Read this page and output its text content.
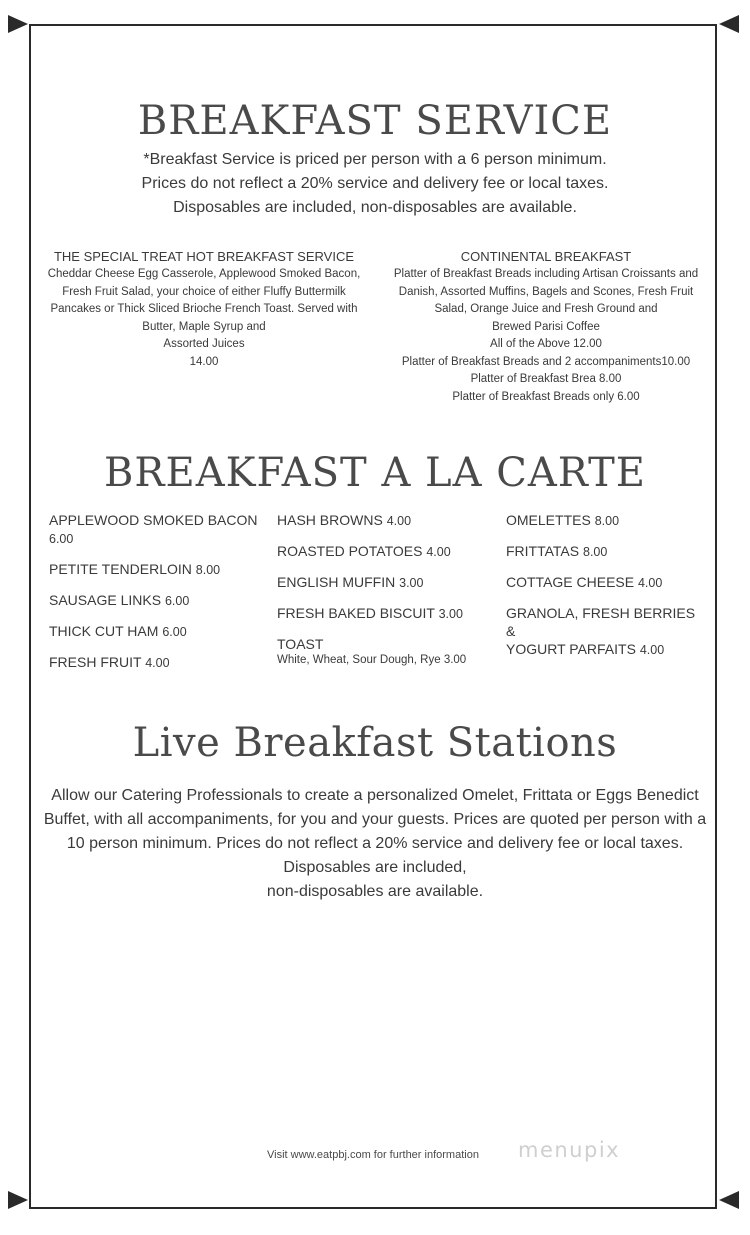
BREAKFAST SERVICE
*Breakfast Service is priced per person with a 6 person minimum.
Prices do not reflect a 20% service and delivery fee or local taxes.
Disposables are included, non-disposables are available.
THE SPECIAL TREAT HOT BREAKFAST SERVICE
Cheddar Cheese Egg Casserole, Applewood Smoked Bacon,
Fresh Fruit Salad, your choice of either Fluffy Buttermilk
Pancakes or Thick Sliced Brioche French Toast. Served with
Butter, Maple Syrup and
Assorted Juices
14.00
CONTINENTAL BREAKFAST
Platter of Breakfast Breads including Artisan Croissants and
Danish, Assorted Muffins, Bagels and Scones, Fresh Fruit
Salad, Orange Juice and Fresh Ground and
Brewed Parisi Coffee
All of the Above 12.00
Platter of Breakfast Breads and 2 accompaniments10.00
Platter of Breakfast Brea 8.00
Platter of Breakfast Breads only 6.00
BREAKFAST A LA CARTE
APPLEWOOD SMOKED BACON
6.00
PETITE TENDERLOIN 8.00
SAUSAGE LINKS 6.00
THICK CUT HAM 6.00
FRESH FRUIT 4.00
HASH BROWNS 4.00
ROASTED POTATOES 4.00
ENGLISH MUFFIN 3.00
FRESH BAKED BISCUIT 3.00
TOAST
White, Wheat, Sour Dough, Rye 3.00
OMELETTES 8.00
FRITTATAS 8.00
COTTAGE CHEESE 4.00
GRANOLA, FRESH BERRIES &
YOGURT PARFAITS 4.00
Live Breakfast Stations
Allow our Catering Professionals to create a personalized Omelet, Frittata or Eggs Benedict
Buffet, with all accompaniments, for you and your guests. Prices are quoted per person with a
10 person minimum. Prices do not reflect a 20% service and delivery fee or local taxes.
Disposables are included,
non-disposables are available.
Visit www.eatpbj.com for further information menupix
